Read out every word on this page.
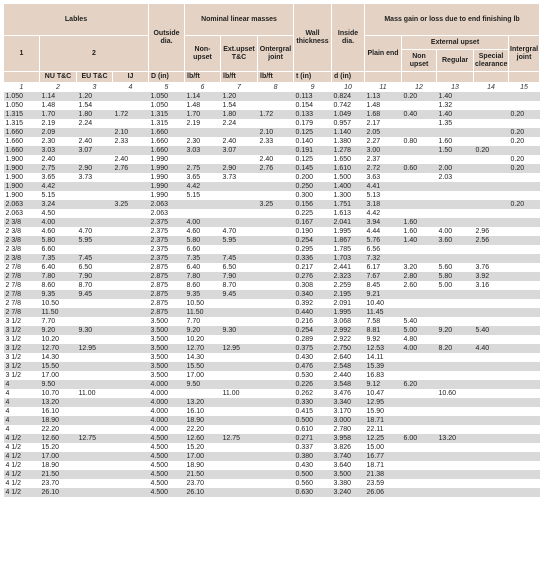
Lables				Outside dia.	Nominal linear masses			Wall thickness	Inside dia.	Mass gain or loss due to end finishing lb				
1	2				Non-upset	Ext.upset T&C	Ontergral joint			Plain end	External upset			Intergral joint
											Non upset	Regular	Special clearance	
	NU T&C	EU T&C	IJ	D (in)	lb/ft	lb/ft	lb/ft	t (in)	d (in)					
1	2	3	4	5	6	7	8	9	10	11	12	13	14	15
1.050	1.14	1.20		1.050	1.14	1.20		0.113	0.824	1.13	0.20	1.40		
1.050	1.48	1.54		1.050	1.48	1.54		0.154	0.742	1.48		1.32		
1.315	1.70	1.80	1.72	1.315	1.70	1.80	1.72	0.133	1.049	1.68	0.40	1.40		0.20
1.315	2.19	2.24		1.315	2.19	2.24		0.179	0.957	2.17		1.35		
1.660	2.09		2.10	1.660			2.10	0.125	1.140	2.05				0.20
1.660	2.30	2.40	2.33	1.660	2.30	2.40	2.33	0.140	1.380	2.27	0.80	1.60		0.20
1.660	3.03	3.07		1.660	3.03	3.07		0.191	1.278	3.00		1.50	0.20	
1.900	2.40		2.40	1.990			2.40	0.125	1.650	2.37				0.20
1.900	2.75	2.90	2.76	1.990	2.75	2.90	2.76	0.145	1.610	2.72	0.60	2.00		0.20
1.900	3.65	3.73		1.990	3.65	3.73		0.200	1.500	3.63		2.03		
1.900	4.42			1.990	4.42			0.250	1.400	4.41				
1.900	5.15			1.990	5.15			0.300	1.300	5.13				
2.063	3.24		3.25	2.063			3.25	0.156	1.751	3.18				0.20
2.063	4.50			2.063				0.225	1.613	4.42				
2 3/8	4.00			2.375	4.00			0.167	2.041	3.94	1.60			
2 3/8	4.60	4.70		2.375	4.60	4.70		0.190	1.995	4.44	1.60	4.00	2.96	
2 3/8	5.80	5.95		2.375	5.80	5.95		0.254	1.867	5.76	1.40	3.60	2.56	
2 3/8	6.60			2.375	6.60			0.295	1.785	6.56				
2 3/8	7.35	7.45		2.375	7.35	7.45		0.336	1.703	7.32				
2 7/8	6.40	6.50		2.875	6.40	6.50		0.217	2.441	6.17	3.20	5.60	3.76	
2 7/8	7.80	7.90		2.875	7.80	7.90		0.276	2.323	7.67	2.80	5.80	3.92	
2 7/8	8.60	8.70		2.875	8.60	8.70		0.308	2.259	8.45	2.60	5.00	3.16	
2 7/8	9.35	9.45		2.875	9.35	9.45		0.340	2.195	9.21				
2 7/8	10.50			2.875	10.50			0.392	2.091	10.40				
2 7/8	11.50			2.875	11.50			0.440	1.995	11.45				
3 1/2	7.70			3.500	7.70			0.216	3.068	7.58	5.40			
3 1/2	9.20	9.30		3.500	9.20	9.30		0.254	2.992	8.81	5.00	9.20	5.40	
3 1/2	10.20			3.500	10.20			0.289	2.922	9.92	4.80			
3 1/2	12.70	12.95		3.500	12.70	12.95		0.375	2.750	12.53	4.00	8.20	4.40	
3 1/2	14.30			3.500	14.30			0.430	2.640	14.11				
3 1/2	15.50			3.500	15.50			0.476	2.548	15.39				
3 1/2	17.00			3.500	17.00			0.530	2.440	16.83				
4	9.50			4.000	9.50			0.226	3.548	9.12	6.20			
4	10.70	11.00		4.000		11.00		0.262	3.476	10.47		10.60		
4	13.20			4.000	13.20			0.330	3.340	12.95				
4	16.10			4.000	16.10			0.415	3.170	15.90				
4	18.90			4.000	18.90			0.500	3.000	18.71				
4	22.20			4.000	22.20			0.610	2.780	22.11				
4 1/2	12.60	12.75		4.500	12.60	12.75		0.271	3.958	12.25	6.00	13.20		
4 1/2	15.20			4.500	15.20			0.337	3.826	15.00				
4 1/2	17.00			4.500	17.00			0.380	3.740	16.77				
4 1/2	18.90			4.500	18.90			0.430	3.640	18.71				
4 1/2	21.50			4.500	21.50			0.500	3.500	21.38				
4 1/2	23.70			4.500	23.70			0.560	3.380	23.59				
4 1/2	26.10			4.500	26.10			0.630	3.240	26.06				
